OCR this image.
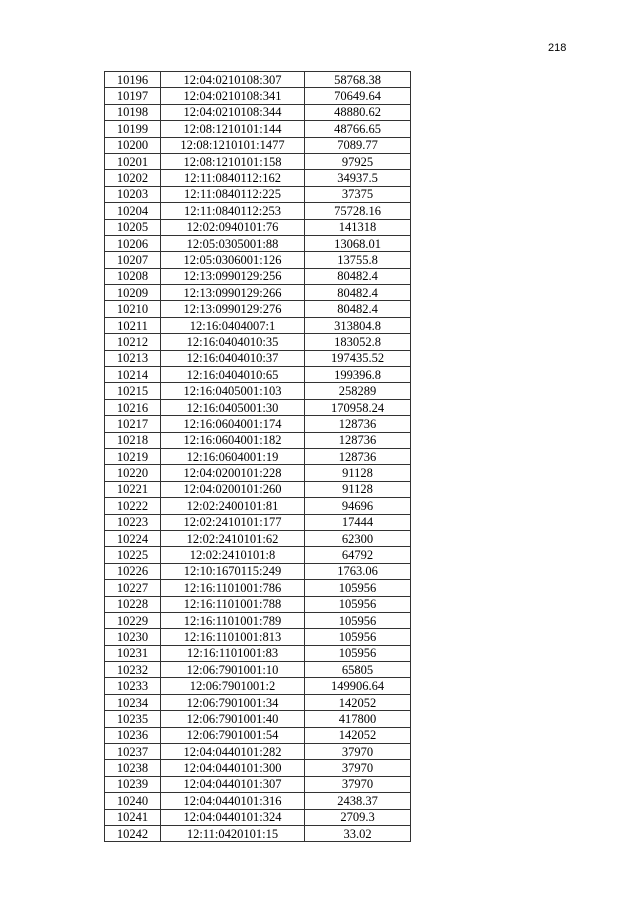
218
10196	12:04:0210108:307	58768.38
10197	12:04:0210108:341	70649.64
10198	12:04:0210108:344	48880.62
10199	12:08:1210101:144	48766.65
10200	12:08:1210101:1477	7089.77
10201	12:08:1210101:158	97925
10202	12:11:0840112:162	34937.5
10203	12:11:0840112:225	37375
10204	12:11:0840112:253	75728.16
10205	12:02:0940101:76	141318
10206	12:05:0305001:88	13068.01
10207	12:05:0306001:126	13755.8
10208	12:13:0990129:256	80482.4
10209	12:13:0990129:266	80482.4
10210	12:13:0990129:276	80482.4
10211	12:16:0404007:1	313804.8
10212	12:16:0404010:35	183052.8
10213	12:16:0404010:37	197435.52
10214	12:16:0404010:65	199396.8
10215	12:16:0405001:103	258289
10216	12:16:0405001:30	170958.24
10217	12:16:0604001:174	128736
10218	12:16:0604001:182	128736
10219	12:16:0604001:19	128736
10220	12:04:0200101:228	91128
10221	12:04:0200101:260	91128
10222	12:02:2400101:81	94696
10223	12:02:2410101:177	17444
10224	12:02:2410101:62	62300
10225	12:02:2410101:8	64792
10226	12:10:1670115:249	1763.06
10227	12:16:1101001:786	105956
10228	12:16:1101001:788	105956
10229	12:16:1101001:789	105956
10230	12:16:1101001:813	105956
10231	12:16:1101001:83	105956
10232	12:06:7901001:10	65805
10233	12:06:7901001:2	149906.64
10234	12:06:7901001:34	142052
10235	12:06:7901001:40	417800
10236	12:06:7901001:54	142052
10237	12:04:0440101:282	37970
10238	12:04:0440101:300	37970
10239	12:04:0440101:307	37970
10240	12:04:0440101:316	2438.37
10241	12:04:0440101:324	2709.3
10242	12:11:0420101:15	33.02
